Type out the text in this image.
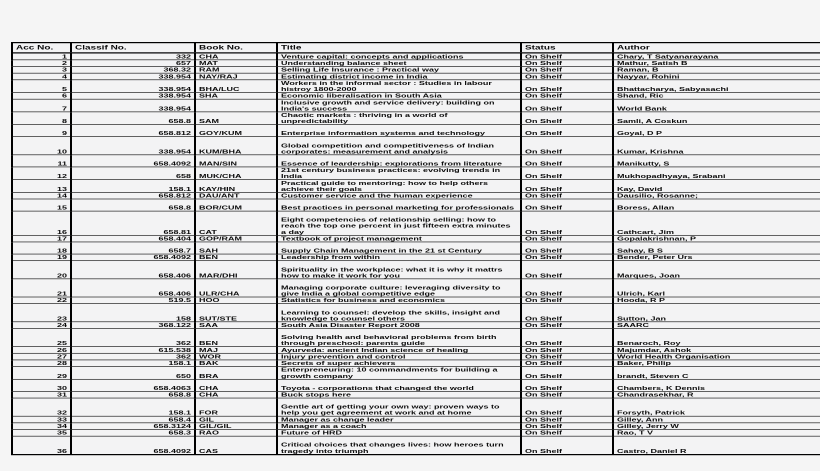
Acc No.	Classif No.	Book No.	Title	Status	Author
1	332	CHA	Venture capital: concepts and applications	On Shelf	Chary, T Satyanarayana
2	657	MAT	Understanding balance sheet	On Shelf	Mathur, Satish B
3	368.32	RAM	Selling Life Insurance : Practical way	On Shelf	Raman, B
4	338.954	NAY/RAJ	Estimating district income in India	On Shelf	Nayyar, Rohini
5	338.954	BHA/LUC	Workers in the informal sector : Studies in labour histroy 1800-2000	On Shelf	Bhattacharya, Sabyasachi
6	338.954	SHA	Economic liberalisation in South Asia	On Shelf	Shand, Ric
7	338.954		Inclusive growth and service delivery: building on India's success	On Shelf	World Bank
8	658.8	SAM	Chaotic markets : thriving in a world of unpredictability	On Shelf	Samli, A Coskun
9	658.812	GOY/KUM	Enterprise information systems and technology	On Shelf	Goyal, D P
10	338.954	KUM/BHA	Global competition and competitiveness of Indian corporates: measurement and analysis	On Shelf	Kumar, Krishna
11	658.4092	MAN/SIN	Essence of leardership: explorations from literature	On Shelf	Manikutty, S
12	658	MUK/CHA	21st century business practices: evolving trends in India	On Shelf	Mukhopadhyaya, Srabani
13	158.1	KAY/HIN	Practical guide to mentoring: how to help others achieve their goals	On Shelf	Kay, David
14	658.812	DAU/ANT	Customer service and the human experience	On Shelf	Dausilio, Rosanne;
15	658.8	BOR/CUM	Best practices in personal marketing for professionals	On Shelf	Boress, Allan
16	658.81	CAT	Eight competencies of relationship selling: how to reach the top one percent in just fifteen extra minutes a day	On Shelf	Cathcart, Jim
17	658.404	GOP/RAM	Textbook of project management	On Shelf	Gopalakrishnan, P
18	658.7	SAH	Supply Chain Management in the 21 st Century	On Shelf	Sahay, B S
19	658.4092	BEN	Leadership from within	On Shelf	Bender, Peter Urs
20	658.406	MAR/DHI	Spirituality in the workplace: what it is why it mattrs how to make it work for you	On Shelf	Marques, Joan
21	658.406	ULR/CHA	Managing corporate culture: leveraging diversity to give India a global competitive edge	On Shelf	Ulrich, Karl
22	519.5	HOO	Statistics for business and economics	On Shelf	Hooda, R P
23	158	SUT/STE	Learning to counsel: develop the skills, insight and knowledge to counsel others	On Shelf	Sutton, Jan
24	368.122	SAA	South Asia Disaster Report 2008	On Shelf	SAARC
25	362	BEN	Solving health and behavioral problems from birth through preschool: parents guide	On Shelf	Benaroch, Roy
26	615.538	MAJ	Ayurveda: ancient Indian science of healing	On Shelf	Majumdar, Ashok
27	362	WOR	Injury prevention and control	On Shelf	World Health Organisation
28	158.1	BAK	Secrets of super achievers	On Shelf	Baker, Philip
29	650	BRA	Enterpreneuring: 10 commandments for building a growth company	On Shelf	brandt, Steven C
30	658.4063	CHA	Toyota - corporations that changed the world	On Shelf	Chambers, K Dennis
31	658.8	CHA	Buck stops here	On Shelf	Chandrasekhar, R
32	158.1	FOR	Gentle art of getting your own way: proven ways to help you get agreement at work and at home	On Shelf	Forsyth, Patrick
33	658.4	GIL	Manager as change leader	On Shelf	Gilley, Ann
34	658.3124	GIL/GIL	Manager as a coach	On Shelf	Gilley, Jerry W
35	658.3	RAO	Future of HRD	On Shelf	Rao, T V
36	658.4092	CAS	Critical choices that changes lives: how heroes turn tragedy into triumph	On Shelf	Castro, Daniel R
